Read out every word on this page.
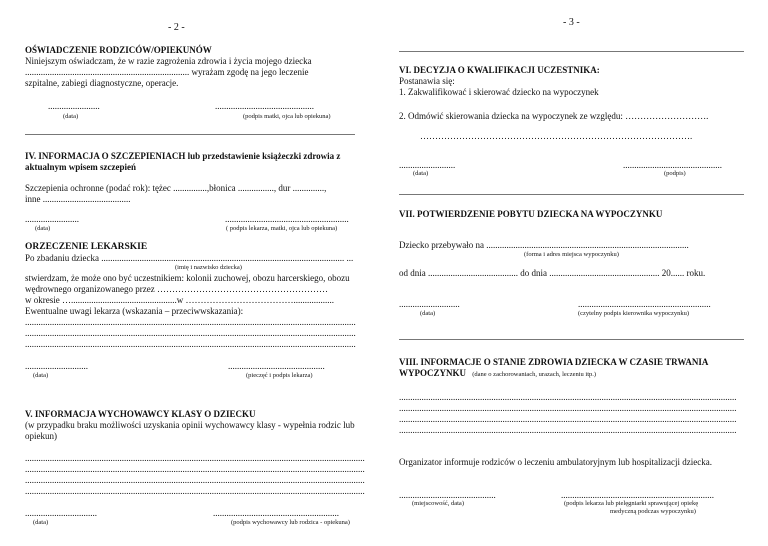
- 2 -	- 3 -
OŚWIADCZENIE RODZICÓW/OPIEKUNÓW
Niniejszym oświadczam, że w razie zagrożenia zdrowia i życia mojego dziecka
......................................................................... wyrażam zgodę na jego leczenie
szpitalne, zabiegi diagnostyczne, operacje.
.......................	............................................
(data)	(podpis matki, ojca lub opiekuna)
IV. INFORMACJA O SZCZEPIENIACH lub przedstawienie książeczki zdrowia z
aktualnym wpisem szczepień
Szczepienia ochronne (podać rok): tężec ...............,błonica ................, dur ..............,
inne .......................................
........................	.......................................................
(data)	( podpis lekarza, matki, ojca lub opiekuna)
ORZECZENIE LEKARSKIE
Po zbadaniu dziecka ............................................................................................................ ...
(imię i nazwisko dziecka)
stwierdzam, że może ono być uczestnikiem: kolonii zuchowej, obozu harcerskiego, obozu
wędrownego organizowanego przez …………………………………………………
w okresie …...............................................w ………………………………..................
Ewentualne uwagi lekarza (wskazania – przeciwwskazania):
...................................................................................................................................................
...................................................................................................................................................
...................................................................................................................................................
............................	...........................................
(data)	(pieczęć i podpis lekarza)
V. INFORMACJA WYCHOWAWCY KLASY O DZIECKU
(w przypadku braku możliwości uzyskania opinii wychowawcy klasy - wypełnia rodzic lub
opiekun)
.......................................................................................................................................................
.......................................................................................................................................................
.......................................................................................................................................................
.......................................................................................................................................................
................................	........................................................
(data)	(podpis wychowawcy lub rodzica - opiekuna)
VI. DECYZJA O KWALIFIKACJI UCZESTNIKA:
Postanawia się:
1. Zakwalifikować i skierować dziecko na wypoczynek
2. Odmówić skierowania dziecka na wypoczynek ze względu: ……………………….
……………………………………………………………………………….
.........................	............................................
(data)	(podpis)
VII. POTWIERDZENIE POBYTU DZIECKA NA WYPOCZYNKU
Dziecko przebywało na ..........................................................................................
(forma i adres miejsca wypoczynku)
od dnia ........................................ do dnia ................................................. 20...... roku.
...........................	...........................................................
(data)	(czytelny podpis kierownika wypoczynku)
VIII. INFORMACJE O STANIE ZDROWIA DZIECKA W CZASIE TRWANIA
WYPOCZYNKU (dane o zachorowaniach, urazach, leczeniu itp.)
......................................................................................................................................................
......................................................................................................................................................
......................................................................................................................................................
......................................................................................................................................................
Organizator informuje rodziców o leczeniu ambulatoryjnym lub hospitalizacji dziecka.
...........................................	....................................................................
(miejscowość, data)	(podpis lekarza lub pielęgniarki sprawującej opiekę
medyczną podczas wypoczynku)
